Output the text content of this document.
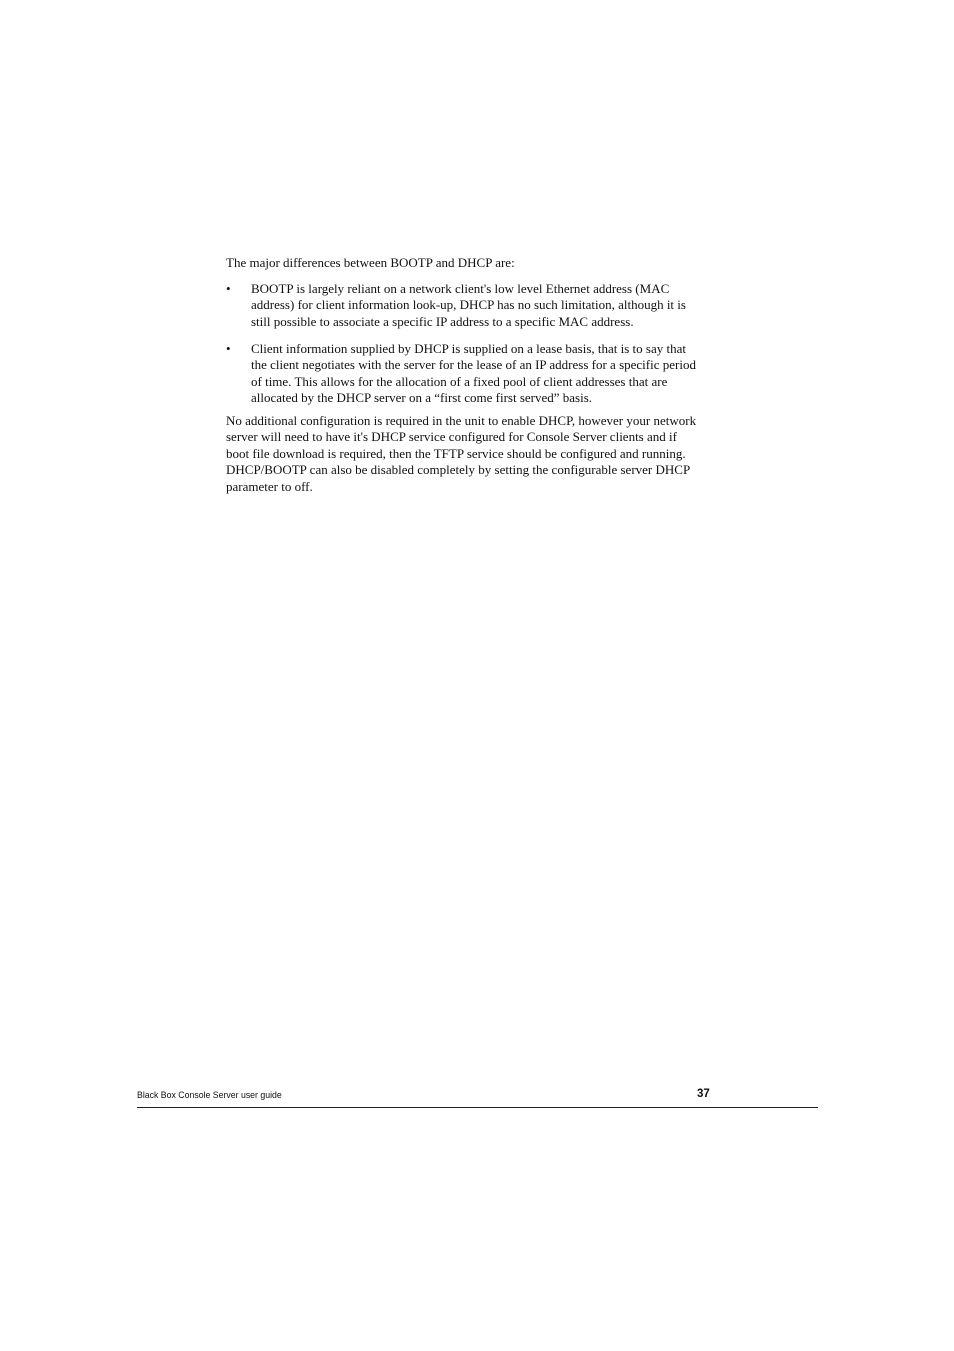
The major differences between BOOTP and DHCP are:

• BOOTP is largely reliant on a network client's low level Ethernet address (MAC address) for client information look-up, DHCP has no such limitation, although it is still possible to associate a specific IP address to a specific MAC address.
• Client information supplied by DHCP is supplied on a lease basis, that is to say that the client negotiates with the server for the lease of an IP address for a specific period of time. This allows for the allocation of a fixed pool of client addresses that are allocated by the DHCP server on a “first come first served” basis.

No additional configuration is required in the unit to enable DHCP, however your network server will need to have it's DHCP service configured for Console Server clients and if boot file download is required, then the TFTP service should be configured and running. DHCP/BOOTP can also be disabled completely by setting the configurable server DHCP parameter to off.

Black Box Console Server user guide	37
